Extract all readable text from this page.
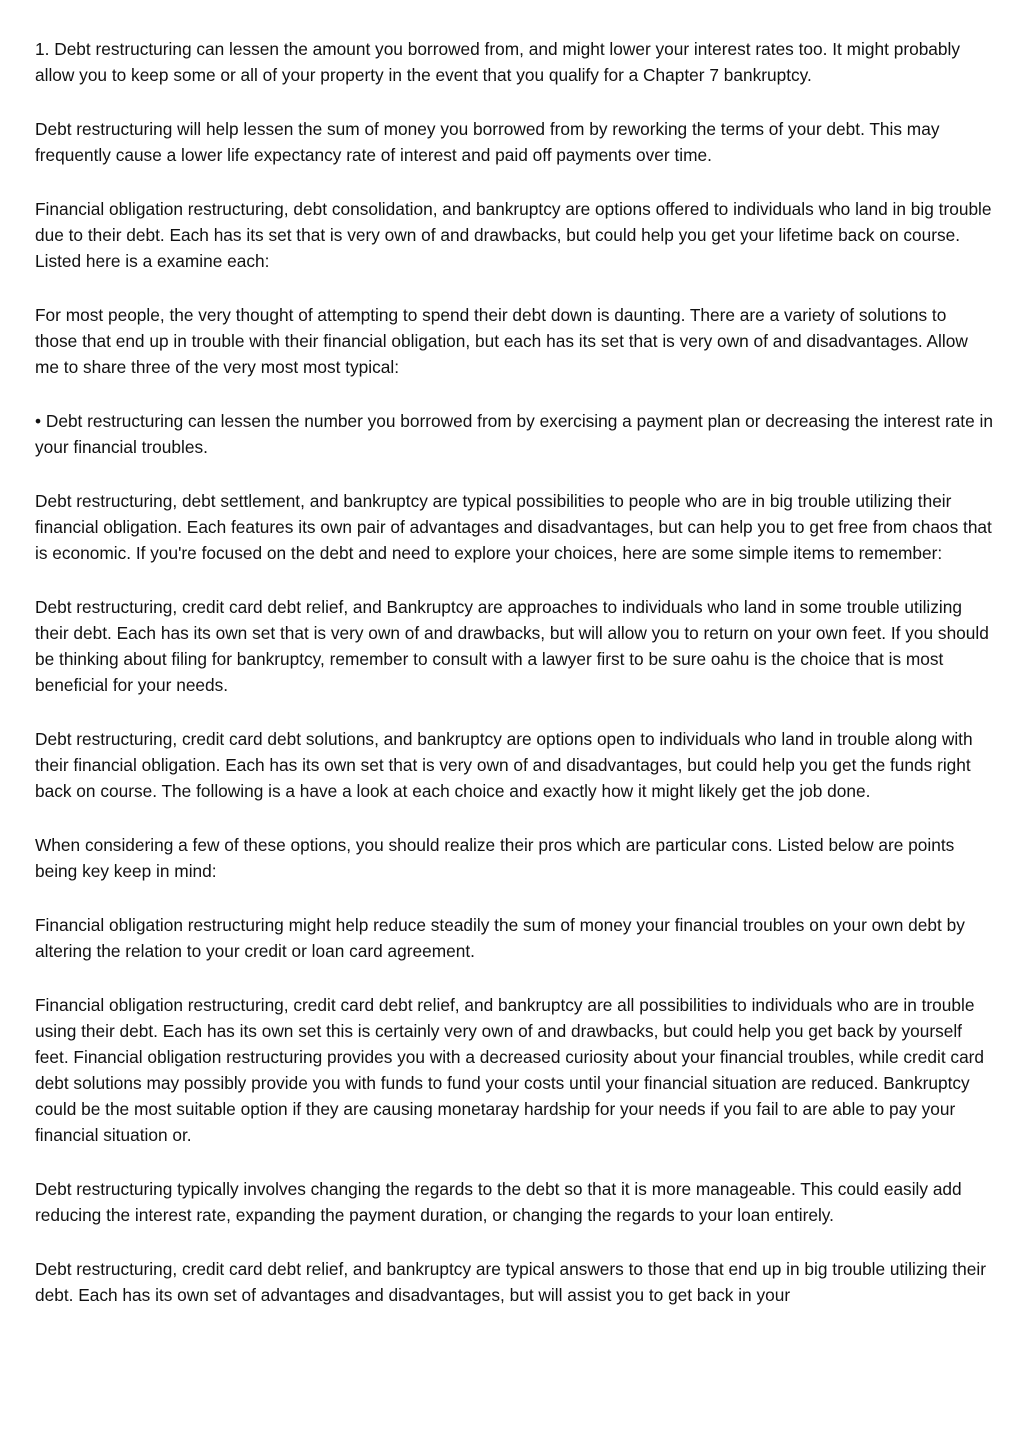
1. Debt restructuring can lessen the amount you borrowed from, and might lower your interest rates too. It might probably allow you to keep some or all of your property in the event that you qualify for a Chapter 7 bankruptcy.

Debt restructuring will help lessen the sum of money you borrowed from by reworking the terms of your debt. This may frequently cause a lower life expectancy rate of interest and paid off payments over time.

Financial obligation restructuring, debt consolidation, and bankruptcy are options offered to individuals who land in big trouble due to their debt. Each has its set that is very own of and drawbacks, but could help you get your lifetime back on course. Listed here is a examine each:

For most people, the very thought of attempting to spend their debt down is daunting. There are a variety of solutions to those that end up in trouble with their financial obligation, but each has its set that is very own of and disadvantages. Allow me to share three of the very most most typical:

• Debt restructuring can lessen the number you borrowed from by exercising a payment plan or decreasing the interest rate in your financial troubles.

Debt restructuring, debt settlement, and bankruptcy are typical possibilities to people who are in big trouble utilizing their financial obligation. Each features its own pair of advantages and disadvantages, but can help you to get free from chaos that is economic. If you're focused on the debt and need to explore your choices, here are some simple items to remember:

Debt restructuring, credit card debt relief, and Bankruptcy are approaches to individuals who land in some trouble utilizing their debt. Each has its own set that is very own of and drawbacks, but will allow you to return on your own feet. If you should be thinking about filing for bankruptcy, remember to consult with a lawyer first to be sure oahu is the choice that is most beneficial for your needs.

Debt restructuring, credit card debt solutions, and bankruptcy are options open to individuals who land in trouble along with their financial obligation. Each has its own set that is very own of and disadvantages, but could help you get the funds right back on course. The following is a have a look at each choice and exactly how it might likely get the job done.

When considering a few of these options, you should realize their pros which are particular cons. Listed below are points being key keep in mind:

Financial obligation restructuring might help reduce steadily the sum of money your financial troubles on your own debt by altering the relation to your credit or loan card agreement.

Financial obligation restructuring, credit card debt relief, and bankruptcy are all possibilities to individuals who are in trouble using their debt. Each has its own set this is certainly very own of and drawbacks, but could help you get back by yourself feet. Financial obligation restructuring provides you with a decreased curiosity about your financial troubles, while credit card debt solutions may possibly provide you with funds to fund your costs until your financial situation are reduced. Bankruptcy could be the most suitable option if they are causing monetaray hardship for your needs if you fail to are able to pay your financial situation or.

Debt restructuring typically involves changing the regards to the debt so that it is more manageable. This could easily add reducing the interest rate, expanding the payment duration, or changing the regards to your loan entirely.

Debt restructuring, credit card debt relief, and bankruptcy are typical answers to those that end up in big trouble utilizing their debt. Each has its own set of advantages and disadvantages, but will assist you to get back in your
